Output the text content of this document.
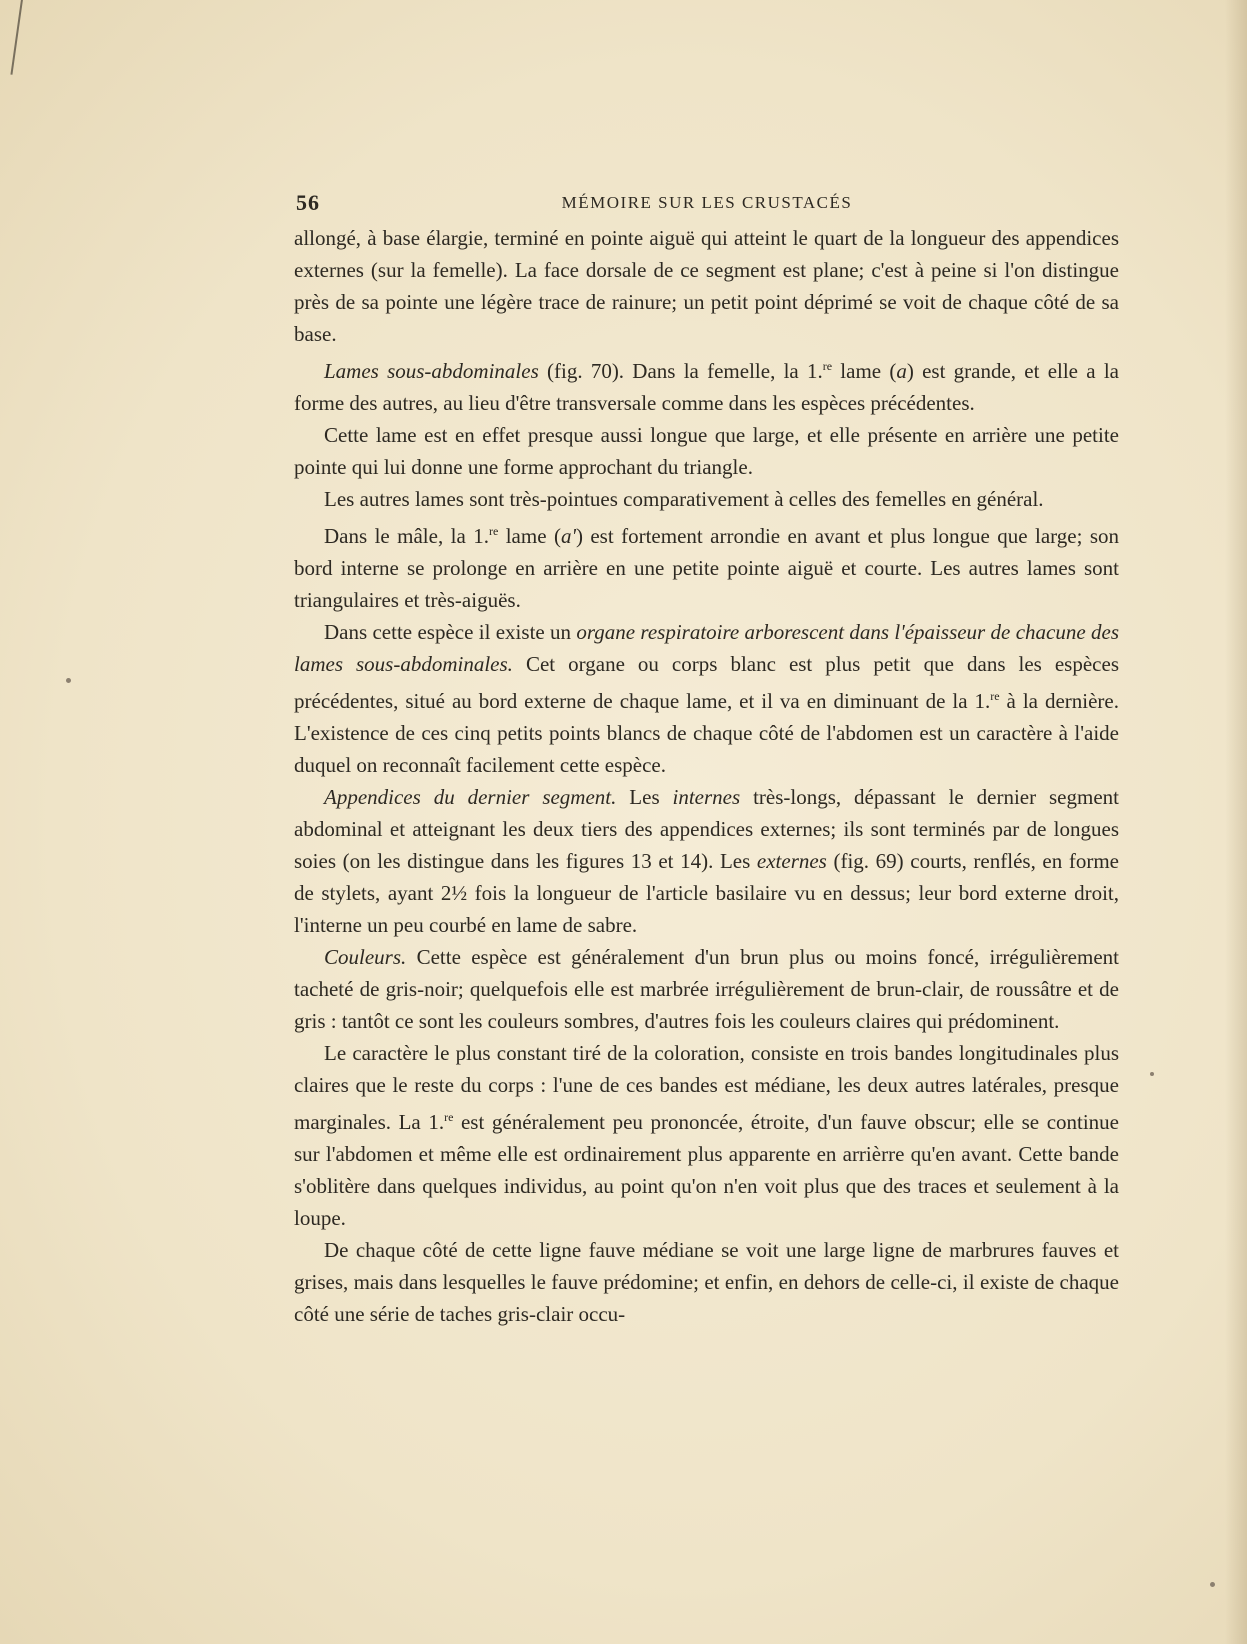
56	MÉMOIRE SUR LES CRUSTACÉS

allongé, à base élargie, terminé en pointe aiguë qui atteint le quart de la longueur des appendices externes (sur la femelle). La face dorsale de ce segment est plane; c'est à peine si l'on distingue près de sa pointe une légère trace de rainure; un petit point déprimé se voit de chaque côté de sa base.

Lames sous-abdominales (fig. 70). Dans la femelle, la 1.$^{re}$ lame (a) est grande, et elle a la forme des autres, au lieu d'être transversale comme dans les espèces précédentes.

Cette lame est en effet presque aussi longue que large, et elle présente en arrière une petite pointe qui lui donne une forme approchant du triangle.

Les autres lames sont très-pointues comparativement à celles des femelles en général.

Dans le mâle, la 1.$^{re}$ lame (a') est fortement arrondie en avant et plus longue que large; son bord interne se prolonge en arrière en une petite pointe aiguë et courte. Les autres lames sont triangulaires et très-aiguës.

Dans cette espèce il existe un organe respiratoire arborescent dans l'épaisseur de chacune des lames sous-abdominales. Cet organe ou corps blanc est plus petit que dans les espèces précédentes, situé au bord externe de chaque lame, et il va en diminuant de la 1.$^{re}$ à la dernière. L'existence de ces cinq petits points blancs de chaque côté de l'abdomen est un caractère à l'aide duquel on reconnaît facilement cette espèce.

Appendices du dernier segment. Les internes très-longs, dépassant le dernier segment abdominal et atteignant les deux tiers des appendices externes; ils sont terminés par de longues soies (on les distingue dans les figures 13 et 14). Les externes (fig. 69) courts, renflés, en forme de stylets, ayant 2½ fois la longueur de l'article basilaire vu en dessus; leur bord externe droit, l'interne un peu courbé en lame de sabre.

Couleurs. Cette espèce est généralement d'un brun plus ou moins foncé, irrégulièrement tacheté de gris-noir; quelquefois elle est marbrée irrégulièrement de brun-clair, de roussâtre et de gris : tantôt ce sont les couleurs sombres, d'autres fois les couleurs claires qui prédominent.

Le caractère le plus constant tiré de la coloration, consiste en trois bandes longitudinales plus claires que le reste du corps : l'une de ces bandes est médiane, les deux autres latérales, presque marginales. La 1.$^{re}$ est généralement peu prononcée, étroite, d'un fauve obscur; elle se continue sur l'abdomen et même elle est ordinairement plus apparente en arrièrre qu'en avant. Cette bande s'oblitère dans quelques individus, au point qu'on n'en voit plus que des traces et seulement à la loupe.

De chaque côté de cette ligne fauve médiane se voit une large ligne de marbrures fauves et grises, mais dans lesquelles le fauve prédomine; et enfin, en dehors de celle-ci, il existe de chaque côté une série de taches gris-clair occu-
